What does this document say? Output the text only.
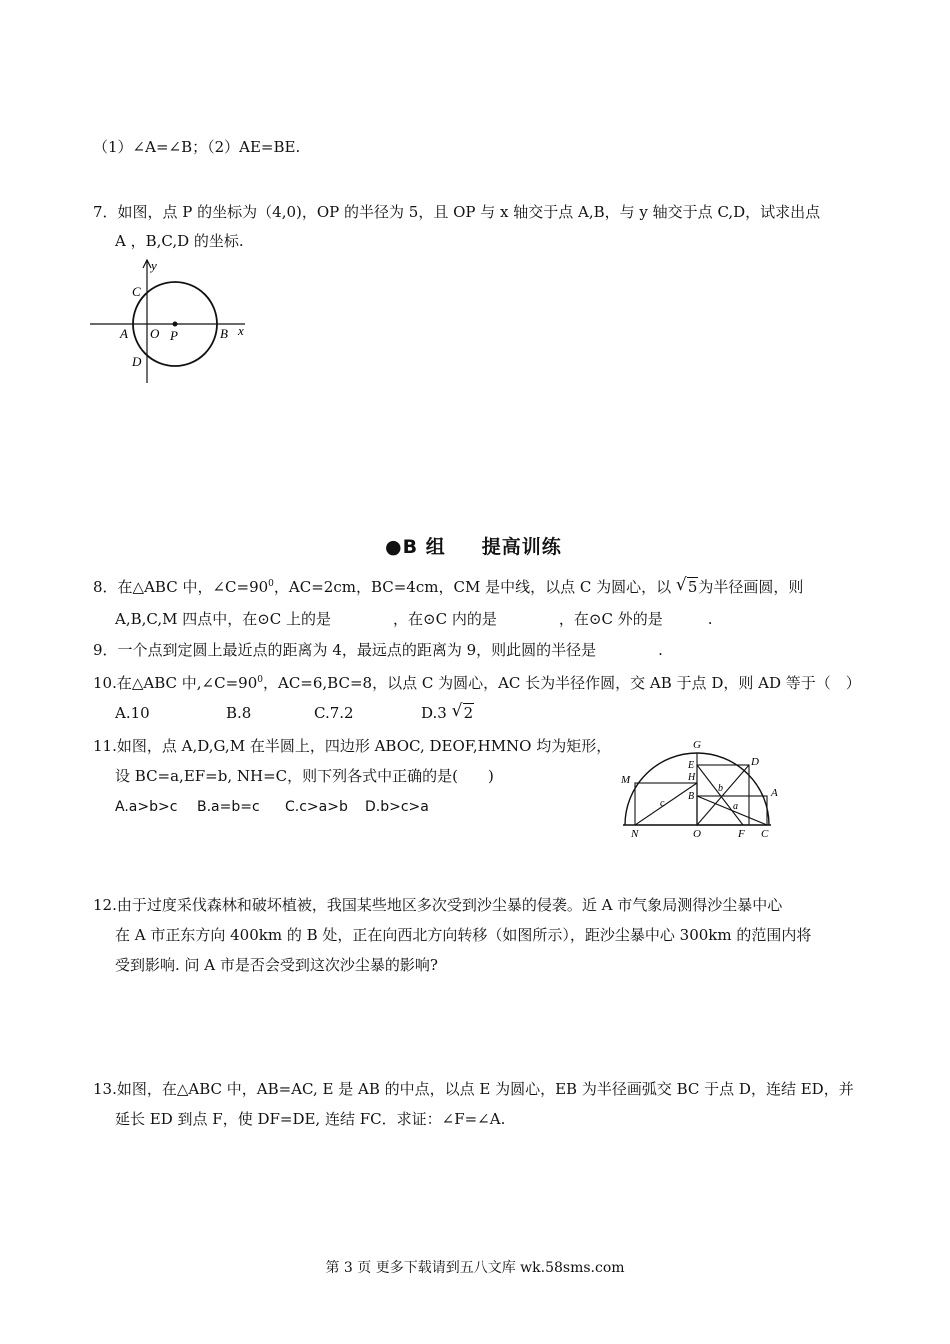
（1）∠A=∠B；（2）AE=BE.
7．如图，点 P 的坐标为（4,0)，OP 的半径为 5，且 OP 与 x 轴交于点 A,B，与 y 轴交于点 C,D，试求出点
A ，B,C,D 的坐标.
y
x
C
A O P	B
D
●B 组 提高训练
8．在△ABC 中，$\angle C=90^0$，AC=2cm，BC=4cm，CM 是中线，以点 C 为圆心，以 √ 5为半径画圆，则
A,B,C,M 四点中，在⊙C 上的是	，在⊙C 内的是	，在⊙C 外的是	.
9．一个点到定圆上最近点的距离为 4，最远点的距离为 9，则此圆的半径是	.
10.在△ABC 中$,\angle C=90^0$，AC=6,BC=8，以点 C 为圆心，AC 长为半径作圆，交 AB 于点 D，则 AD 等于（　）
A.10	B.8	C.7.2	D.3 √ 2
11.如图，点 A,D,G,M 在半圆上，四边形 ABOC, DEOF,HMNO 均为矩形，
设 BC=a,EF=b, NH=C，则下列各式中正确的是(　　)
A.a>b>c B.a=b=c C.c>a>b D.b>c>a
G
D
E
H
M
A
b
c
B
a
N	O	F C
12.由于过度采伐森林和破坏植被，我国某些地区多次受到沙尘暴的侵袭。近 A 市气象局测得沙尘暴中心
在 A 市正东方向 400km 的 B 处，正在向西北方向转移（如图所示），距沙尘暴中心 300km 的范围内将
受到影响. 问 A 市是否会受到这次沙尘暴的影响?
13.如图，在△ABC 中，AB=AC, E 是 AB 的中点，以点 E 为圆心，EB 为半径画弧交 BC 于点 D，连结 ED，并
延长 ED 到点 F，使 DF=DE, 连结 FC．求证：∠F=∠A.
第 3 页 更多下载请到五八文库 wk.58sms.com
